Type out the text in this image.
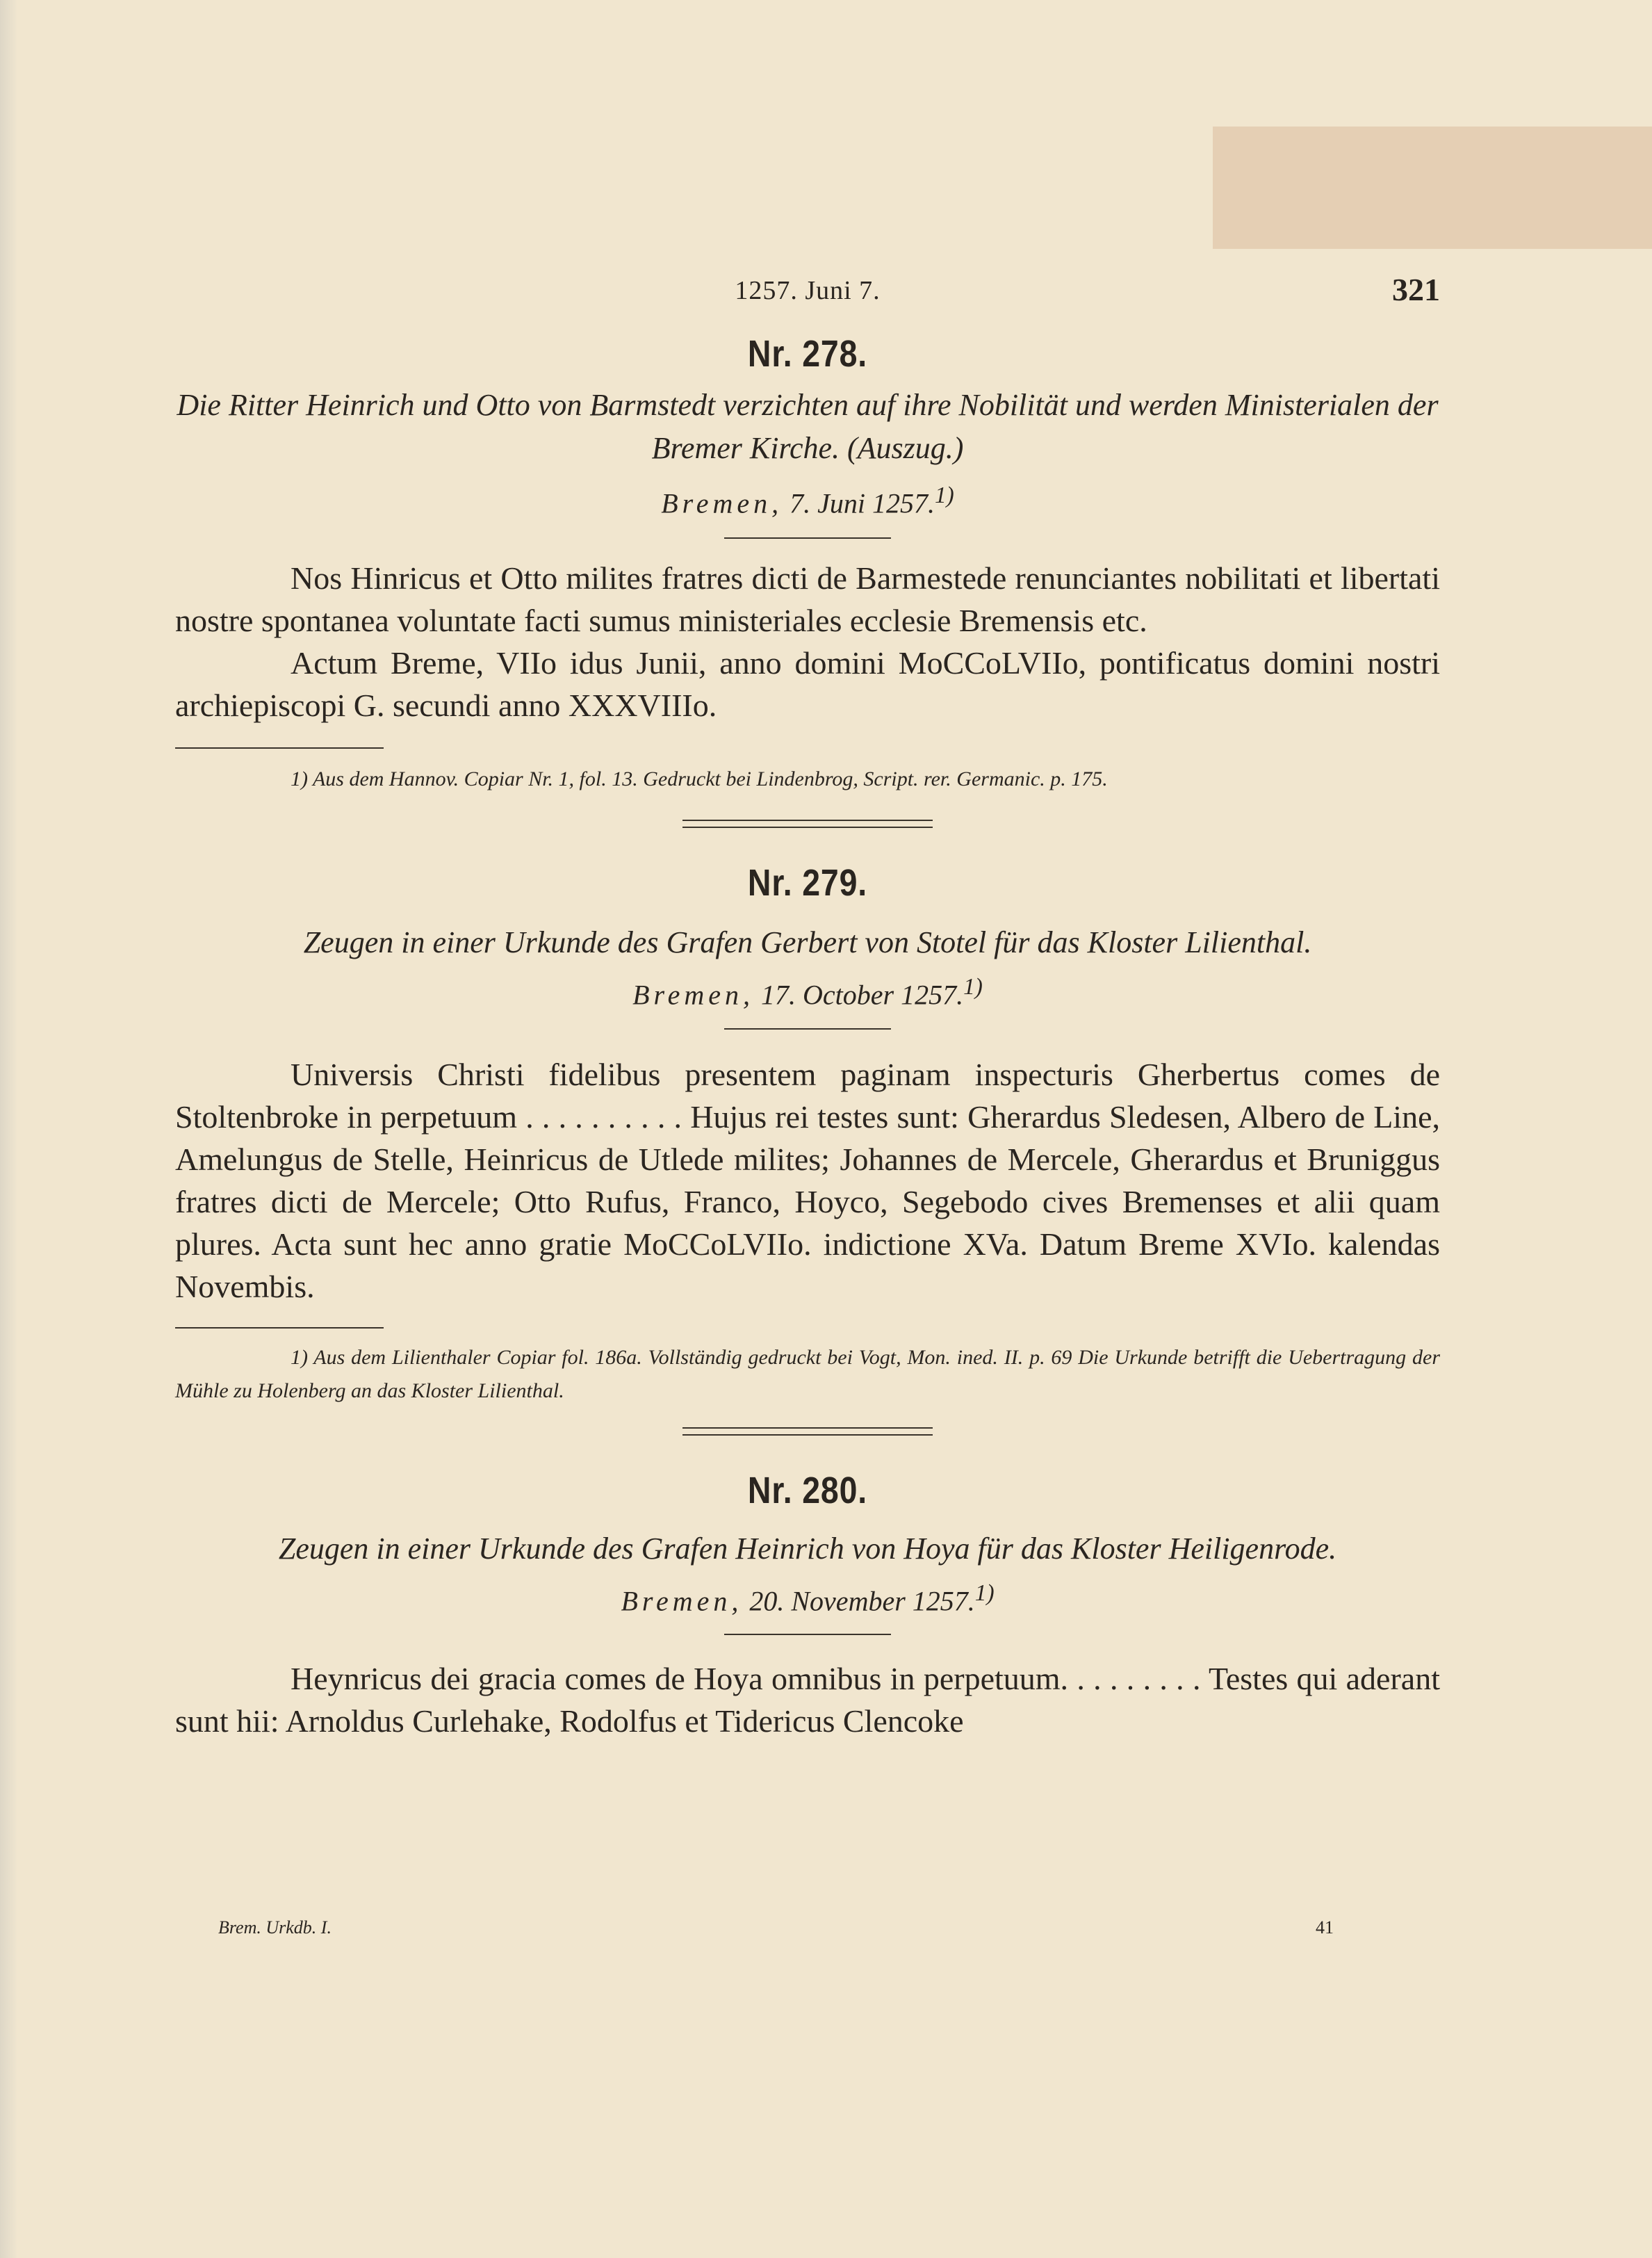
1257. Juni 7.	321
Nr. 278.

Die Ritter Heinrich und Otto von Barmstedt verzichten auf ihre Nobilität und werden Ministerialen der Bremer Kirche. (Auszug.)

Bremen, 7. Juni 1257.$^{1)}$

Nos Hinricus et Otto milites fratres dicti de Barmestede renunciantes nobilitati et libertati nostre spontanea voluntate facti sumus ministeriales ecclesie Bremensis etc.

Actum Breme, VIIo idus Junii, anno domini MoCCoLVIIo, pontificatus domini nostri archiepiscopi G. secundi anno XXXVIIIo.

1) Aus dem Hannov. Copiar Nr. 1, fol. 13. Gedruckt bei Lindenbrog, Script. rer. Germanic. p. 175.

Nr. 279.

Zeugen in einer Urkunde des Grafen Gerbert von Stotel für das Kloster Lilienthal.

Bremen, 17. October 1257.$^{1)}$

Universis Christi fidelibus presentem paginam inspecturis Gherbertus comes de Stoltenbroke in perpetuum . . . . . . . . . . Hujus rei testes sunt: Gherardus Sledesen, Albero de Line, Amelungus de Stelle, Heinricus de Utlede milites; Johannes de Mercele, Gherardus et Bruniggus fratres dicti de Mercele; Otto Rufus, Franco, Hoyco, Segebodo cives Bremenses et alii quam plures. Acta sunt hec anno gratie MoCCoLVIIo. indictione XVa. Datum Breme XVIo. kalendas Novembis.

1) Aus dem Lilienthaler Copiar fol. 186a. Vollständig gedruckt bei Vogt, Mon. ined. II. p. 69 Die Urkunde betrifft die Uebertragung der Mühle zu Holenberg an das Kloster Lilienthal.

Nr. 280.

Zeugen in einer Urkunde des Grafen Heinrich von Hoya für das Kloster Heiligenrode.

Bremen, 20. November 1257.$^{1)}$

Heynricus dei gracia comes de Hoya omnibus in perpetuum. . . . . . . . . Testes qui aderant sunt hii: Arnoldus Curlehake, Rodolfus et Tidericus Clencoke

Brem. Urkdb. I.	41
